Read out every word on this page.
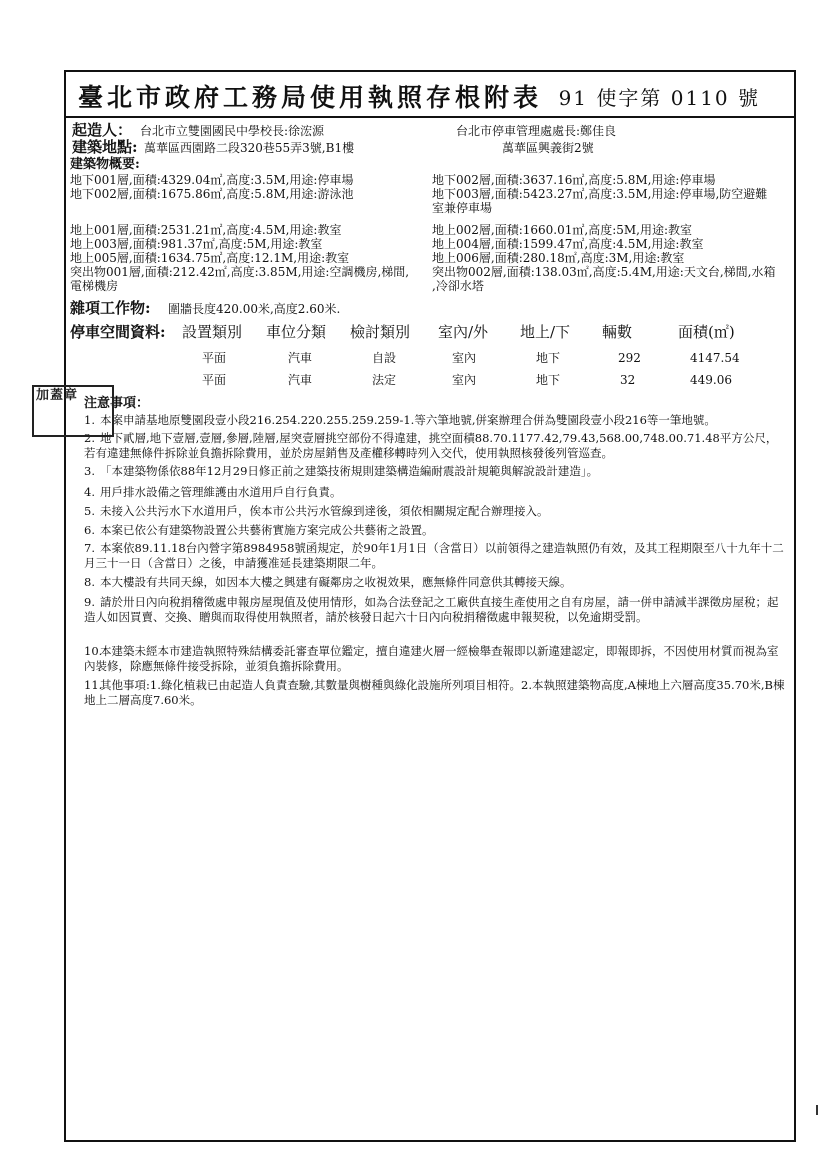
臺北市政府工務局使用執照存根附表 91 使字第 0110 號
起造人： 台北市立雙園國民中學校長:徐浤源	台北市停車管理處處長:鄭佳良
建築地點: 萬華區西園路二段320巷55弄3號,B1樓	萬華區興義街2號
建築物概要:
地下001層,面積:4329.04㎡,高度:3.5M,用途:停車場	地下002層,面積:3637.16㎡,高度:5.8M,用途:停車場
地下002層,面積:1675.86㎡,高度:5.8M,用途:游泳池	地下003層,面積:5423.27㎡,高度:3.5M,用途:停車場,防空避難
室兼停車場
地上001層,面積:2531.21㎡,高度:4.5M,用途:教室	地上002層,面積:1660.01㎡,高度:5M,用途:教室
地上003層,面積:981.37㎡,高度:5M,用途:教室	地上004層,面積:1599.47㎡,高度:4.5M,用途:教室
地上005層,面積:1634.75㎡,高度:12.1M,用途:教室	地上006層,面積:280.18㎡,高度:3M,用途:教室
突出物001層,面積:212.42㎡,高度:3.85M,用途:空調機房,梯間, 突出物002層,面積:138.03㎡,高度:5.4M,用途:天文台,梯間,水箱
電梯機房	,冷卻水塔
雜項工作物: 圍牆長度420.00米,高度2.60米.
停車空間資料: 設置類別 車位分類 檢討類別 室內/外 地上/下 輛數	面積(㎡)
平面	汽車	自設	室內	地下	292	4147.54
平面	汽車	法定	室內	地下	32	449.06
注意事項：
1. 本案申請基地原雙園段壹小段216.254.220.255.259.259-1.等六筆地號,併案辦理合併為雙園段壹小段216等一筆地號。
2. 地下貳層,地下壹層,壹層,參層,陸層,屋突壹層挑空部份不得違建，挑空面積88.70.1177.42,79.43,568.00,748.00.71.48平方公尺，若有違建無條件拆除並負擔拆除費用，並於房屋銷售及產權移轉時列入交代，使用執照核發後列管巡查。
3. 「本建築物係依88年12月29日修正前之建築技術規則建築構造編耐震設計規範與解說設計建造」。
4. 用戶排水設備之管理維護由水道用戶自行負責。
5. 未接入公共污水下水道用戶，俟本市公共污水管線到達後，須依相關規定配合辦理接入。
6. 本案已依公有建築物設置公共藝術實施方案完成公共藝術之設置。
7. 本案依89.11.18台內營字第8984958號函規定，於90年1月1日（含當日）以前領得之建造執照仍有效，及其工程期限至八十九年十二月三十一日（含當日）之後，申請獲准延長建築期限二年。
8. 本大樓設有共同天線，如因本大樓之興建有礙鄰房之收視效果，應無條件同意供其轉接天線。
9. 請於卅日內向稅捐稽徵處申報房屋現值及使用情形，如為合法登記之工廠供直接生產使用之自有房屋，請一併申請減半課徵房屋稅；起造人如因買賣、交換、贈與而取得使用執照者，請於核發日起六十日內向稅捐稽徵處申報契稅，以免逾期受罰。
10.本建築未經本市建造執照特殊結構委託審查單位鑑定，擅自違建火層一經檢舉查報即以新違建認定，即報即拆，不因使用材質而視為室內裝修，除應無條件接受拆除，並須負擔拆除費用。
11.其他事項:1.綠化植栽已由起造人負責查驗,其數量與樹種與綠化設施所列項目相符。2.本執照建築物高度,A棟地上六層高度35.70米,B棟地上二層高度7.60米。
加蓋章
